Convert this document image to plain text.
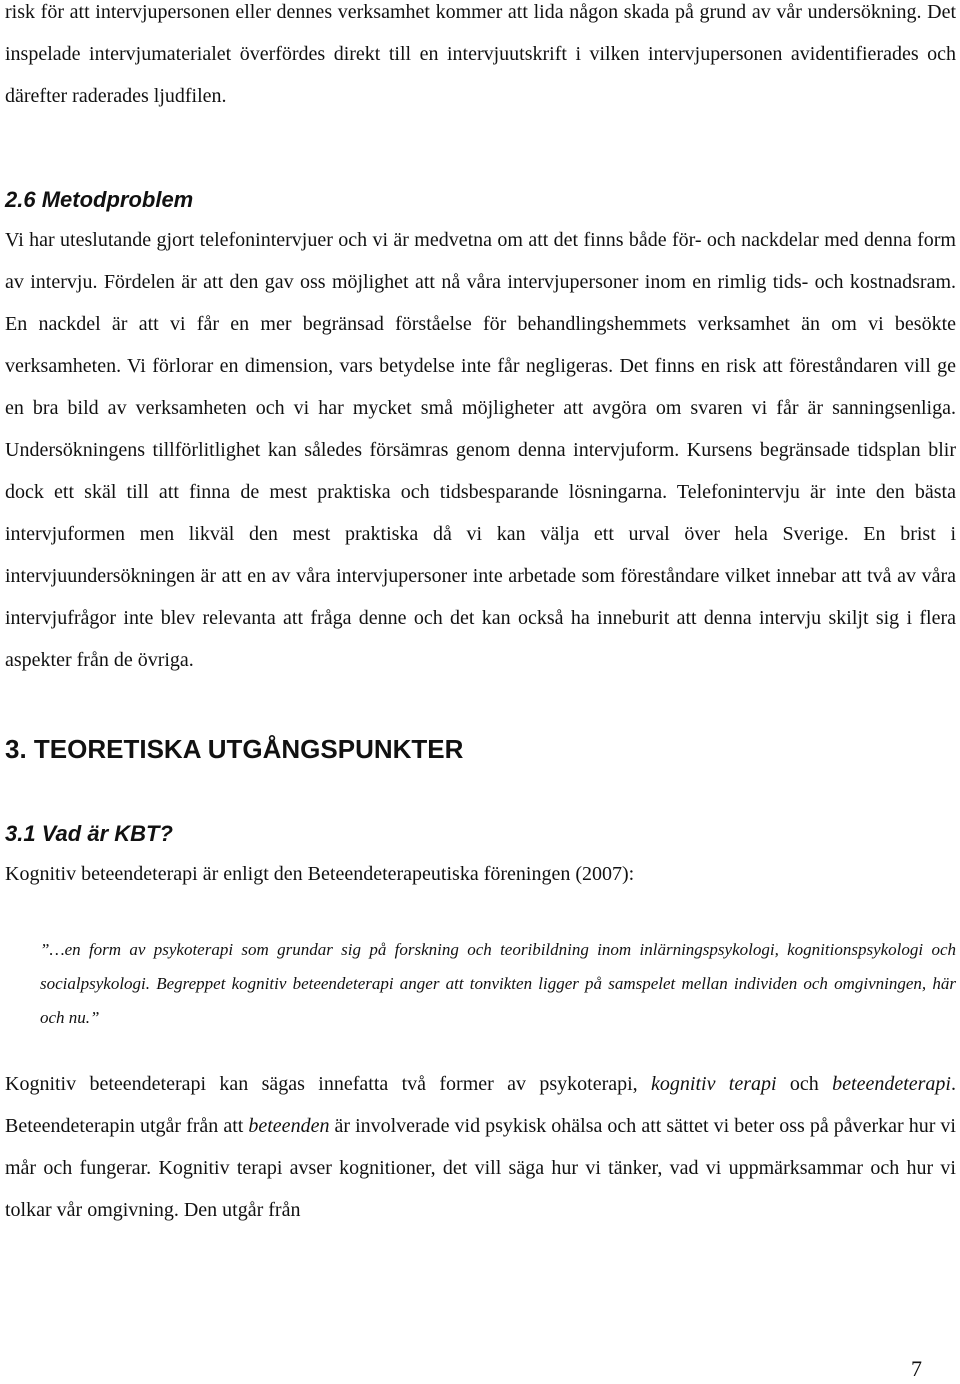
risk för att intervjupersonen eller dennes verksamhet kommer att lida någon skada på grund av vår undersökning. Det inspelade intervjumaterialet överfördes direkt till en intervjuutskrift i vilken intervjupersonen avidentifierades och därefter raderades ljudfilen.

2.6 Metodproblem

Vi har uteslutande gjort telefonintervjuer och vi är medvetna om att det finns både för- och nackdelar med denna form av intervju. Fördelen är att den gav oss möjlighet att nå våra intervjupersoner inom en rimlig tids- och kostnadsram. En nackdel är att vi får en mer begränsad förståelse för behandlingshemmets verksamhet än om vi besökte verksamheten. Vi förlorar en dimension, vars betydelse inte får negligeras. Det finns en risk att föreståndaren vill ge en bra bild av verksamheten och vi har mycket små möjligheter att avgöra om svaren vi får är sanningsenliga. Undersökningens tillförlitlighet kan således försämras genom denna intervjuform. Kursens begränsade tidsplan blir dock ett skäl till att finna de mest praktiska och tidsbesparande lösningarna. Telefonintervju är inte den bästa intervjuformen men likväl den mest praktiska då vi kan välja ett urval över hela Sverige. En brist i intervjuundersökningen är att en av våra intervjupersoner inte arbetade som föreståndare vilket innebar att två av våra intervjufrågor inte blev relevanta att fråga denne och det kan också ha inneburit att denna intervju skiljt sig i flera aspekter från de övriga.

3. TEORETISKA UTGÅNGSPUNKTER
3.1 Vad är KBT?

Kognitiv beteendeterapi är enligt den Beteendeterapeutiska föreningen (2007):

”…en form av psykoterapi som grundar sig på forskning och teoribildning inom inlärningspsykologi, kognitionspsykologi och socialpsykologi. Begreppet kognitiv beteendeterapi anger att tonvikten ligger på samspelet mellan individen och omgivningen, här och nu.”

Kognitiv beteendeterapi kan sägas innefatta två former av psykoterapi, kognitiv terapi och beteendeterapi. Beteendeterapin utgår från att beteenden är involverade vid psykisk ohälsa och att sättet vi beter oss på påverkar hur vi mår och fungerar. Kognitiv terapi avser kognitioner, det vill säga hur vi tänker, vad vi uppmärksammar och hur vi tolkar vår omgivning. Den utgår från

7
